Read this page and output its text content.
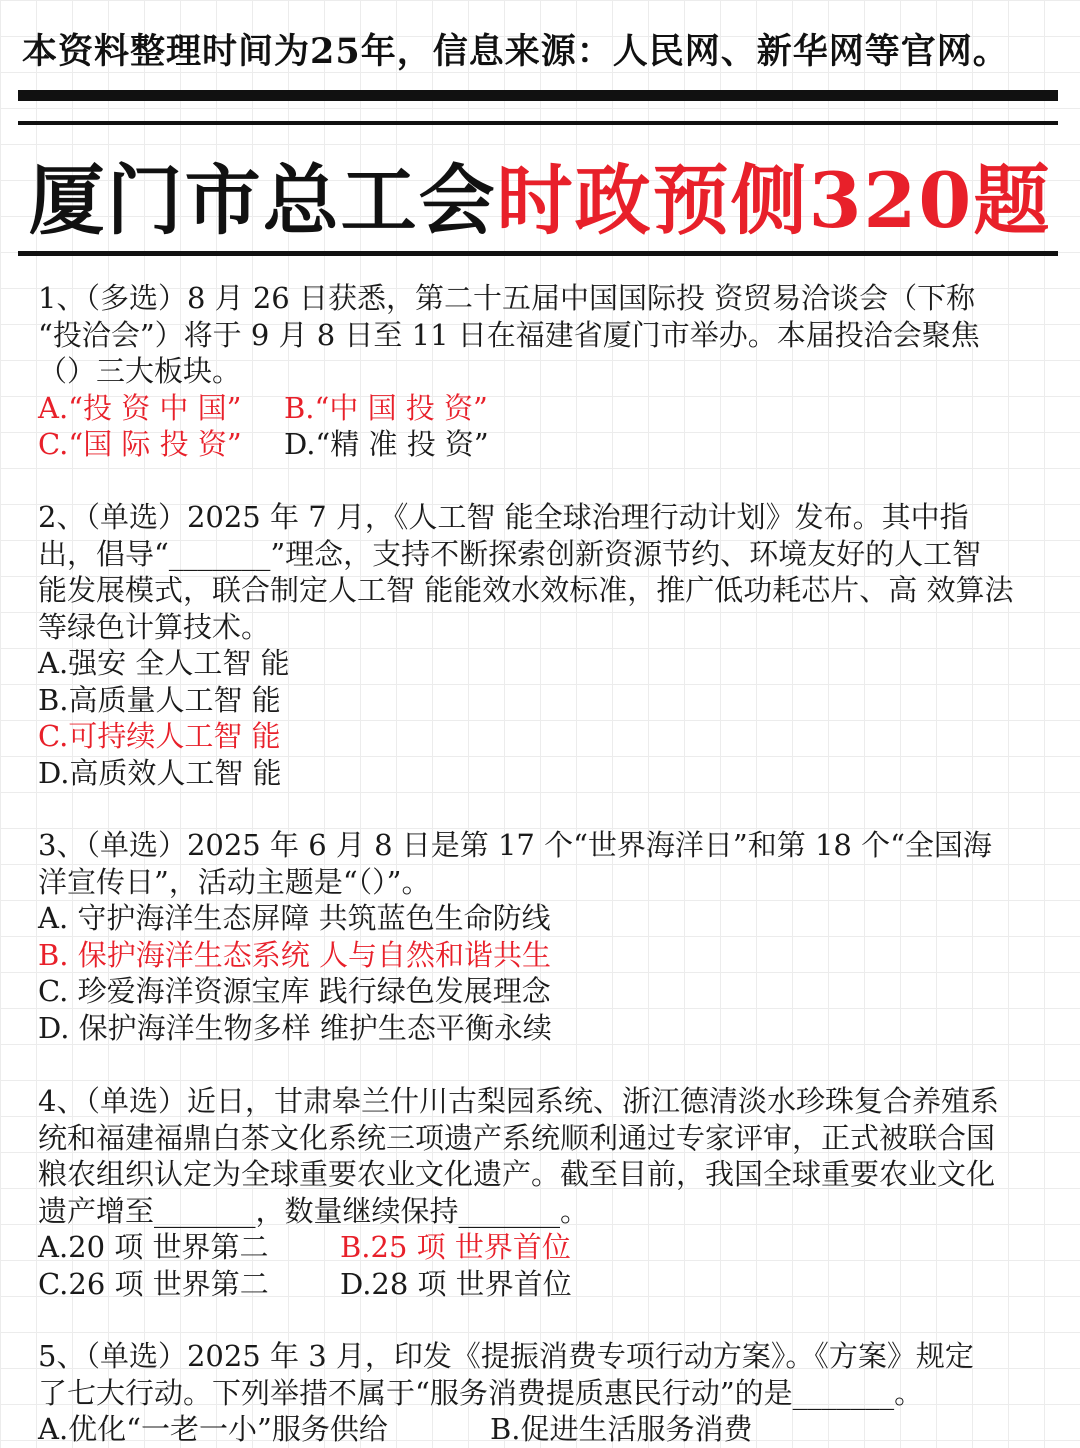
本资料整理时间为25年，信息来源：人民网、新华网等官网。
厦门市总工会时政预侧320题
1、（多选）8 月 26 日获悉，第二十五届中国国际投 资贸易洽谈会（下称
“投洽会”）将于 9 月 8 日至 11 日在福建省厦门市举办。本届投洽会聚焦
（）三大板块。
A.“投 资 中 国” B.“中 国 投 资”
C.“国 际 投 资” D.“精 准 投 资”
2、（单选）2025 年 7 月，《人工智 能全球治理行动计划》发布。其中指
出，倡导“_______”理念，支持不断探索创新资源节约、环境友好的人工智
能发展模式，联合制定人工智 能能效水效标准，推广低功耗芯片、高 效算法
等绿色计算技术。
A.强安 全人工智 能
B.高质量人工智 能
C.可持续人工智 能
D.高质效人工智 能
3、（单选）2025 年 6 月 8 日是第 17 个“世界海洋日”和第 18 个“全国海
洋宣传日”，活动主题是“（）”。
A. 守护海洋生态屏障 共筑蓝色生命防线
B. 保护海洋生态系统 人与自然和谐共生
C. 珍爱海洋资源宝库 践行绿色发展理念
D. 保护海洋生物多样 维护生态平衡永续
4、（单选）近日，甘肃皋兰什川古梨园系统、浙江德清淡水珍珠复合养殖系
统和福建福鼎白茶文化系统三项遗产系统顺利通过专家评审，正式被联合国
粮农组织认定为全球重要农业文化遗产。截至目前，我国全球重要农业文化
遗产增至_______，数量继续保持_______。
A.20 项 世界第二 B.25 项 世界首位
C.26 项 世界第二 D.28 项 世界首位
5、（单选）2025 年 3 月，印发《提振消费专项行动方案》。《方案》规定
了七大行动。下列举措不属于“服务消费提质惠民行动”的是_______。
A.优化“一老一小”服务供给	B.促进生活服务消费
